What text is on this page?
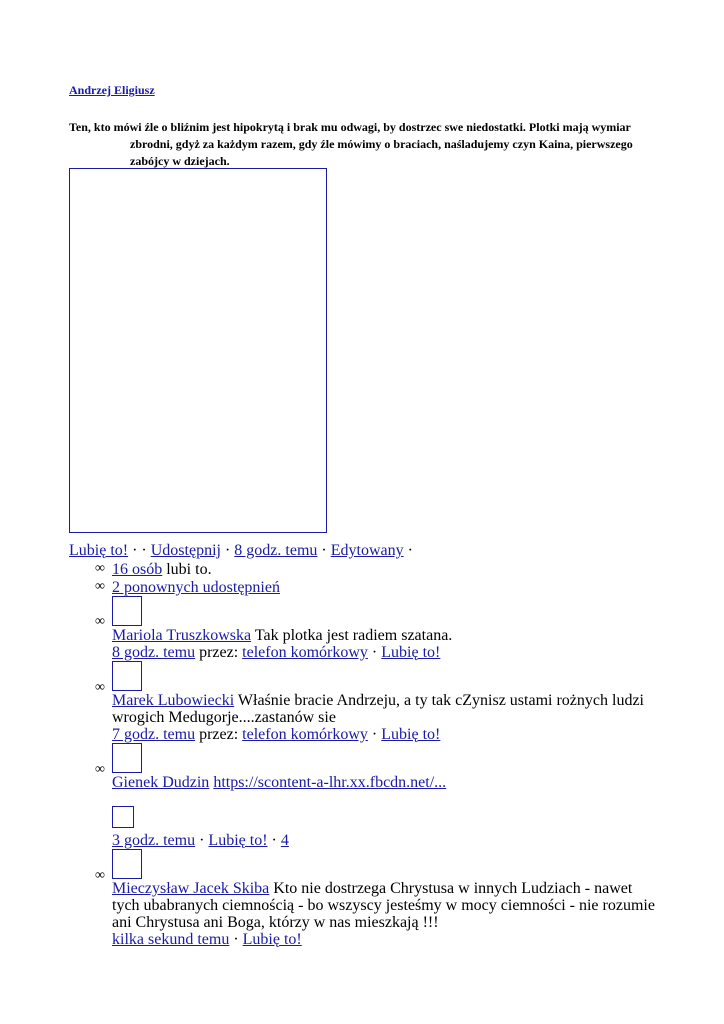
Andrzej Eligiusz
Ten, kto mówi źle o bliźnim jest hipokrytą i brak mu odwagi, by dostrzec swe niedostatki. Plotki mają wymiar
zbrodni, gdyż za każdym razem, gdy źle mówimy o braciach, naśladujemy czyn Kaina, pierwszego zabójcy w dziejach.
Lubię to! · · Udostępnij · 8 godz. temu · Edytowany ·
∞ 16 osób lubi to.
∞ 2 ponownych udostępnień
∞
Mariola Truszkowska Tak plotka jest radiem szatana.
8 godz. temu przez: telefon komórkowy · Lubię to!
∞
Marek Lubowiecki Właśnie bracie Andrzeju, a ty tak cZynisz ustami rożnych ludzi wrogich Medugorje....zastanów sie
7 godz. temu przez: telefon komórkowy · Lubię to!
∞
Gienek Dudzin https://scontent-a-lhr.xx.fbcdn.net/...
3 godz. temu · Lubię to! · 4
∞
Mieczysław Jacek Skiba Kto nie dostrzega Chrystusa w innych Ludziach - nawet tych ubabranych ciemnością - bo wszyscy jesteśmy w mocy ciemności - nie rozumie ani Chrystusa ani Boga, którzy w nas mieszkają !!!
kilka sekund temu · Lubię to!
